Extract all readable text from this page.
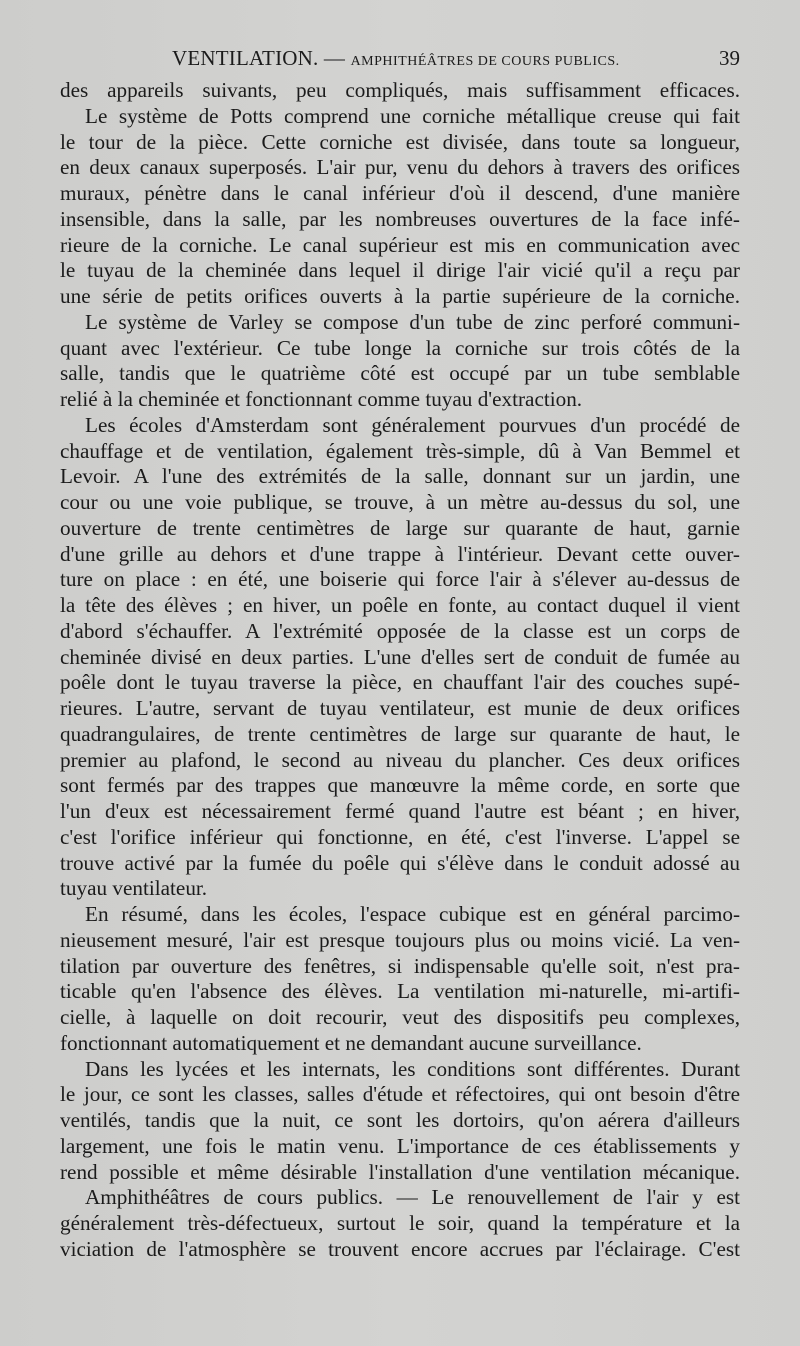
VENTILATION. — AMPHITHÉÂTRES DE COURS PUBLICS.	39

des appareils suivants, peu compliqués, mais suffisamment efficaces.

Le système de Potts comprend une corniche métallique creuse qui fait

le tour de la pièce. Cette corniche est divisée, dans toute sa longueur,

en deux canaux superposés. L'air pur, venu du dehors à travers des orifices

muraux, pénètre dans le canal inférieur d'où il descend, d'une manière

insensible, dans la salle, par les nombreuses ouvertures de la face infé-

rieure de la corniche. Le canal supérieur est mis en communication avec

le tuyau de la cheminée dans lequel il dirige l'air vicié qu'il a reçu par

une série de petits orifices ouverts à la partie supérieure de la corniche.

Le système de Varley se compose d'un tube de zinc perforé communi-

quant avec l'extérieur. Ce tube longe la corniche sur trois côtés de la

salle, tandis que le quatrième côté est occupé par un tube semblable

relié à la cheminée et fonctionnant comme tuyau d'extraction.

Les écoles d'Amsterdam sont généralement pourvues d'un procédé de

chauffage et de ventilation, également très-simple, dû à Van Bemmel et

Levoir. A l'une des extrémités de la salle, donnant sur un jardin, une

cour ou une voie publique, se trouve, à un mètre au-dessus du sol, une

ouverture de trente centimètres de large sur quarante de haut, garnie

d'une grille au dehors et d'une trappe à l'intérieur. Devant cette ouver-

ture on place : en été, une boiserie qui force l'air à s'élever au-dessus de

la tête des élèves ; en hiver, un poêle en fonte, au contact duquel il vient

d'abord s'échauffer. A l'extrémité opposée de la classe est un corps de

cheminée divisé en deux parties. L'une d'elles sert de conduit de fumée au

poêle dont le tuyau traverse la pièce, en chauffant l'air des couches supé-

rieures. L'autre, servant de tuyau ventilateur, est munie de deux orifices

quadrangulaires, de trente centimètres de large sur quarante de haut, le

premier au plafond, le second au niveau du plancher. Ces deux orifices

sont fermés par des trappes que manœuvre la même corde, en sorte que

l'un d'eux est nécessairement fermé quand l'autre est béant ; en hiver,

c'est l'orifice inférieur qui fonctionne, en été, c'est l'inverse. L'appel se

trouve activé par la fumée du poêle qui s'élève dans le conduit adossé au

tuyau ventilateur.

En résumé, dans les écoles, l'espace cubique est en général parcimo-

nieusement mesuré, l'air est presque toujours plus ou moins vicié. La ven-

tilation par ouverture des fenêtres, si indispensable qu'elle soit, n'est pra-

ticable qu'en l'absence des élèves. La ventilation mi-naturelle, mi-artifi-

cielle, à laquelle on doit recourir, veut des dispositifs peu complexes,

fonctionnant automatiquement et ne demandant aucune surveillance.

Dans les lycées et les internats, les conditions sont différentes. Durant

le jour, ce sont les classes, salles d'étude et réfectoires, qui ont besoin d'être

ventilés, tandis que la nuit, ce sont les dortoirs, qu'on aérera d'ailleurs

largement, une fois le matin venu. L'importance de ces établissements y

rend possible et même désirable l'installation d'une ventilation mécanique.

Amphithéâtres de cours publics. — Le renouvellement de l'air y est

généralement très-défectueux, surtout le soir, quand la température et la

viciation de l'atmosphère se trouvent encore accrues par l'éclairage. C'est
